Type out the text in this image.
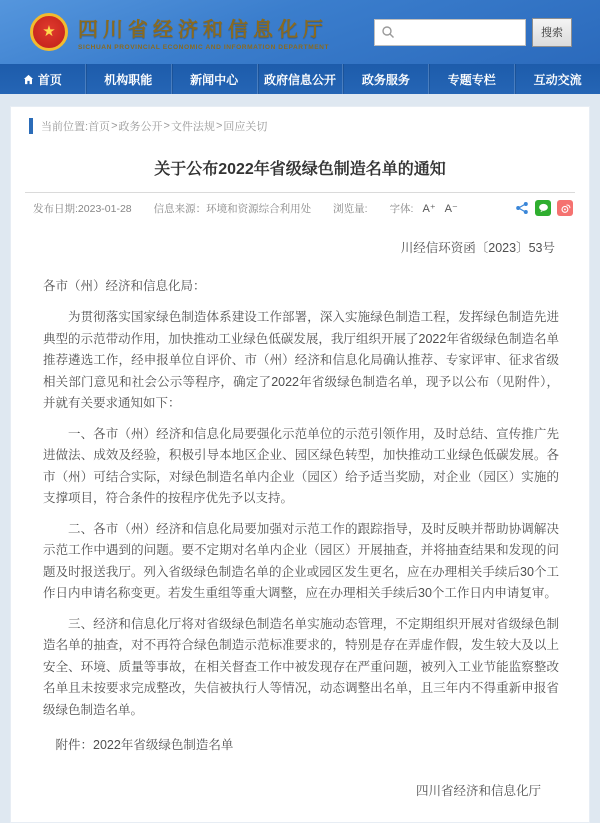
★ 四川省经济和信息化厅
SICHUAN PROVINCIAL ECONOMIC AND INFORMATION DEPARTMENT
搜索
首页	机构职能	新闻中心 政府信息公开 政务服务	专题专栏	互动交流
当前位置: 首页 > 政务公开 > 文件法规 > 回应关切
关于公布2022年省级绿色制造名单的通知
发布日期:2023-01-28 信息来源：环境和资源综合利用处 浏览量: 字体: A⁺ A⁻
川经信环资函〔2023〕53号
各市（州）经济和信息化局：

为贯彻落实国家绿色制造体系建设工作部署，深入实施绿色制造工程，发挥绿色制造先进典型的示范带动作用，加快推动工业绿色低碳发展，我厅组织开展了2022年省级绿色制造名单推荐遴选工作，经申报单位自评价、市（州）经济和信息化局确认推荐、专家评审、征求省级相关部门意见和社会公示等程序，确定了2022年省级绿色制造名单，现予以公布（见附件），并就有关要求通知如下：

一、各市（州）经济和信息化局要强化示范单位的示范引领作用，及时总结、宣传推广先进做法、成效及经验，积极引导本地区企业、园区绿色转型，加快推动工业绿色低碳发展。各市（州）可结合实际，对绿色制造名单内企业（园区）给予适当奖励，对企业（园区）实施的支撑项目，符合条件的按程序优先予以支持。

二、各市（州）经济和信息化局要加强对示范工作的跟踪指导，及时反映并帮助协调解决示范工作中遇到的问题。要不定期对名单内企业（园区）开展抽查，并将抽查结果和发现的问题及时报送我厅。列入省级绿色制造名单的企业或园区发生更名，应在办理相关手续后30个工作日内申请名称变更。若发生重组等重大调整，应在办理相关手续后30个工作日内申请复审。

三、经济和信息化厅将对省级绿色制造名单实施动态管理，不定期组织开展对省级绿色制造名单的抽查，对不再符合绿色制造示范标准要求的，特别是存在弄虚作假，发生较大及以上安全、环境、质量等事故，在相关督查工作中被发现存在严重问题，被列入工业节能监察整改名单且未按要求完成整改，失信被执行人等情况，动态调整出名单，且三年内不得重新申报省级绿色制造名单。

附件：2022年省级绿色制造名单
四川省经济和信息化厅
